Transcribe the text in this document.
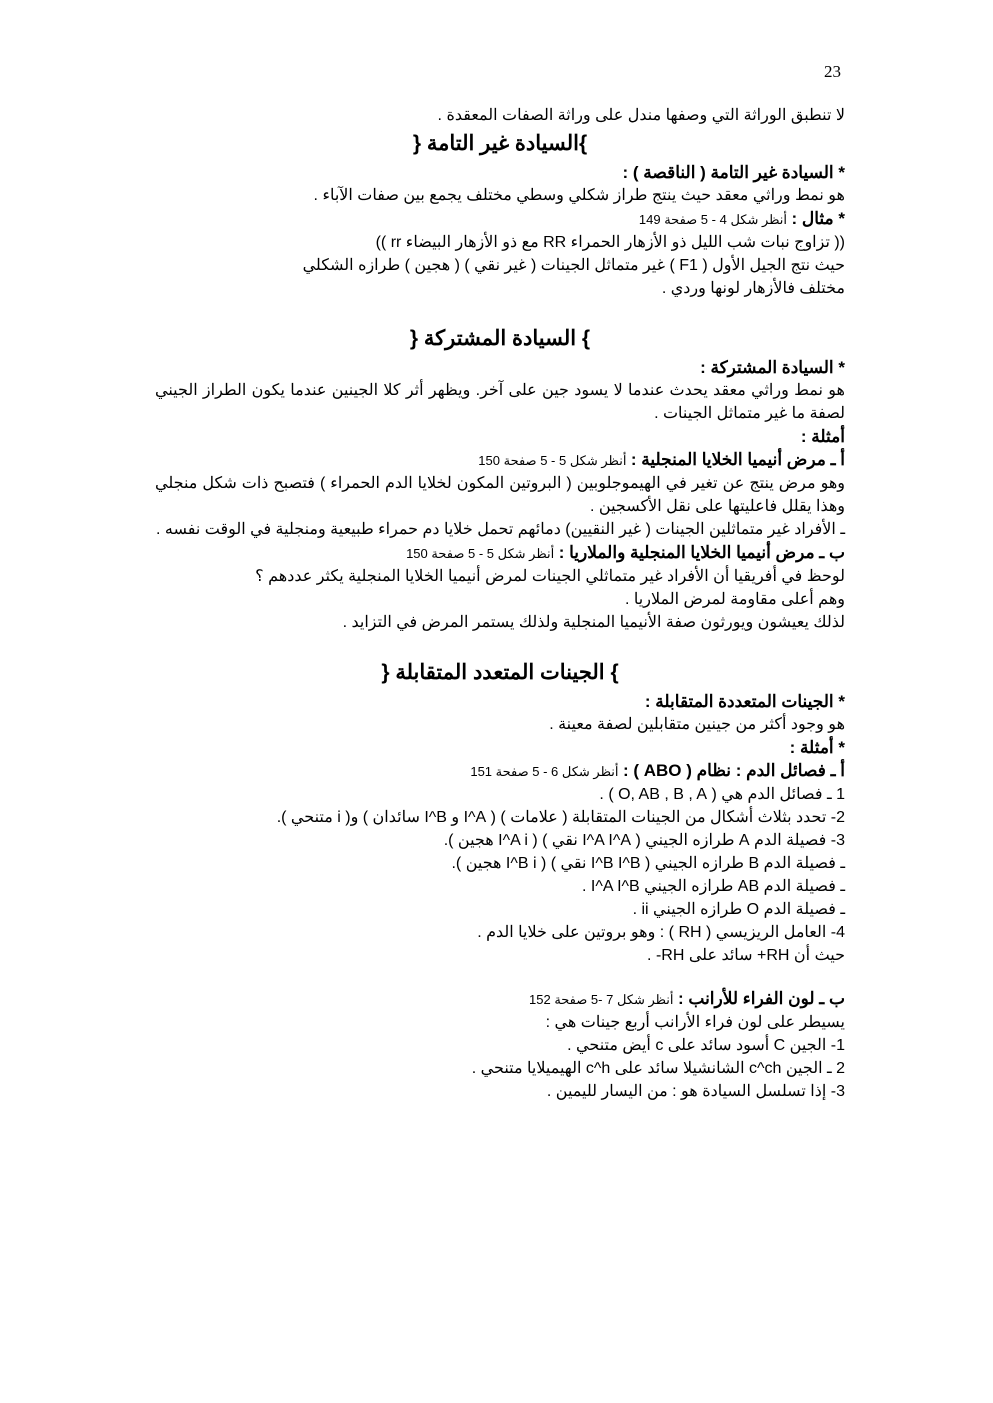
23
لا تنطبق الوراثة التي وصفها مندل على وراثة الصفات المعقدة .
}السيادة غير التامة {
* السيادة غير التامة ( الناقصة ) :
هو نمط وراثي معقد حيث ينتج طراز شكلي وسطي مختلف يجمع بين صفات الآباء .
* مثال : أنظر شكل 4 - 5 صفحة 149
(( تزاوج نبات شب الليل ذو الأزهار الحمراء RR مع ذو الأزهار البيضاء rr ))
حيث نتج الجيل الأول ( F1 ) غير متماثل الجينات ( غير نقي ) ( هجين ) طرازه الشكلي
مختلف فالأزهار لونها وردي .
} السيادة المشتركة {
* السيادة المشتركة :
هو نمط وراثي معقد يحدث عندما لا يسود جين على آخر. ويظهر أثر كلا الجينين عندما يكون الطراز الجيني لصفة ما غير متماثل الجينات .
أمثلة :
أ ـ مرض أنيميا الخلايا المنجلية : أنظر شكل 5 - 5 صفحة 150
وهو مرض ينتج عن تغير في الهيموجلوبين ( البروتين المكون لخلايا الدم الحمراء ) فتصبح ذات شكل منجلي وهذا يقلل فاعليتها على نقل الأكسجين .
ـ الأفراد غير متماثلين الجينات ( غير النقيين) دمائهم تحمل خلايا دم حمراء طبيعية ومنجلية في الوقت نفسه .
ب ـ مرض أنيميا الخلايا المنجلية والملاريا : أنظر شكل 5 - 5 صفحة 150
لوحظ في أفريقيا أن الأفراد غير متماثلي الجينات لمرض أنيميا الخلايا المنجلية يكثر عددهم ؟
وهم أعلى مقاومة لمرض الملاريا .
لذلك يعيشون ويورثون صفة الأنيميا المنجلية ولذلك يستمر المرض في التزايد .
} الجينات المتعدد المتقابلة {
* الجينات المتعددة المتقابلة :
هو وجود أكثر من جينين متقابلين لصفة معينة .
* أمثلة :
أ ـ فصائل الدم : نظام ( ABO ) : أنظر شكل 6 - 5 صفحة 151
1 ـ فصائل الدم هي ( O, AB , B , A ) .
2- تحدد بثلاث أشكال من الجينات المتقابلة ( علامات ) ( I^A و I^B سائدان ) و( i متنحي ).
3- فصيلة الدم A طرازه الجيني ( I^A I^A نقي ) ( I^A i هجين ).
ـ فصيلة الدم B طرازه الجيني ( I^B I^B نقي ) ( I^B i هجين ).
ـ فصيلة الدم AB طرازه الجيني I^A I^B .
ـ فصيلة الدم O طرازه الجيني ii .
4- العامل الريزيسي ( RH ) : وهو بروتين على خلايا الدم .
حيث أن RH+ سائد على RH- .
ب ـ لون الفراء للأرانب : أنظر شكل 7 -5 صفحة 152
يسيطر على لون فراء الأرانب أربع جينات هي :
1- الجين C أسود سائد على c أيض متنحي .
2 ـ الجين c^ch الشانشيلا سائد على c^h الهيميلايا متنحي .
3- إذا تسلسل السيادة هو : من اليسار لليمين .
